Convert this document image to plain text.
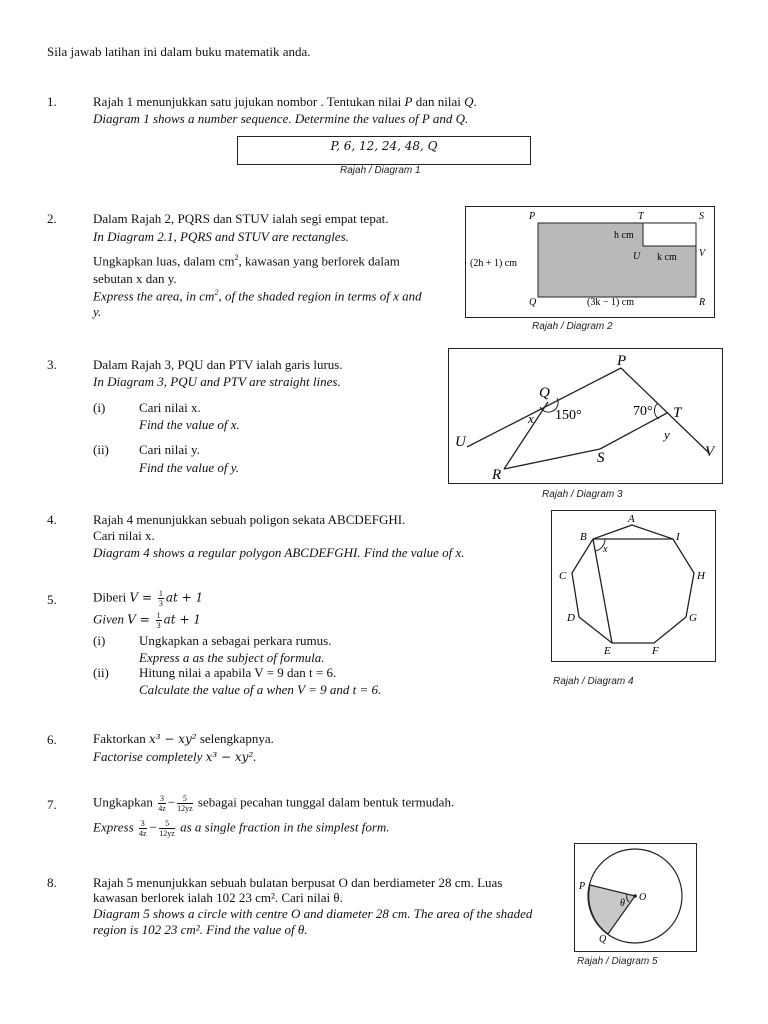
Sila jawab latihan ini dalam buku matematik anda.
1.	Rajah 1 menunjukkan satu jujukan nombor . Tentukan nilai P dan nilai Q.
Diagram 1 shows a number sequence. Determine the values of P and Q.
P, 6, 12, 24, 48, Q
Rajah / Diagram 1
2.	Dalam Rajah 2, PQRS dan STUV ialah segi empat tepat.
In Diagram 2.1, PQRS and STUV are rectangles.
Ungkapkan luas, dalam $cm^2$, kawasan yang berlorek dalam
sebutan x dan y.
Express the area, in $cm^2$, of the shaded region in terms of x and
y.
P	T	S
U	V
Q	R
h cm
k cm
(2h + 1) cm
(3k − 1) cm
Rajah / Diagram 2
3.	Dalam Rajah 3, PQU dan PTV ialah garis lurus.
In Diagram 3, PQU and PTV are straight lines.
(i)	Cari nilai x.
Find the value of x.
(ii) Cari nilai y.
Find the value of y.
P
Q
T
U
V
R
S
x
y
150°	70°
Rajah / Diagram 3
4.	Rajah 4 menunjukkan sebuah poligon sekata ABCDEFGHI.
Cari nilai x.
Diagram 4 shows a regular polygon ABCDEFGHI. Find the value of x.
A
B
C
D
E	F
G
H
I
x
Rajah / Diagram 4
5.	Diberi $V = \frac{1}{3}$ at + 1
Given $V = \frac{1}{3}$ at + 1
(i)	Ungkapkan a sebagai perkara rumus.
Express a as the subject of formula.
(ii) Hitung nilai a apabila V = 9 dan t = 6.
Calculate the value of a when V = 9 and t = 6.
6.	Faktorkan x³ − xy² selengkapnya.
Factorise completely x³ − xy².
7.	Ungkapkan $\frac{3}{4z} - \frac{5}{12yz}$ sebagai pecahan tunggal dalam bentuk termudah.
Express $\frac{3}{4z} - \frac{5}{12yz}$ as a single fraction in the simplest form.
8.	Rajah 5 menunjukkan sebuah bulatan berpusat O dan berdiameter 28 cm. Luas
kawasan berlorek ialah 102 23 cm². Cari nilai θ.
Diagram 5 shows a circle with centre O and diameter 28 cm. The area of the shaded
region is 102 23 cm². Find the value of θ.
P
Q
O
θ
Rajah / Diagram 5
